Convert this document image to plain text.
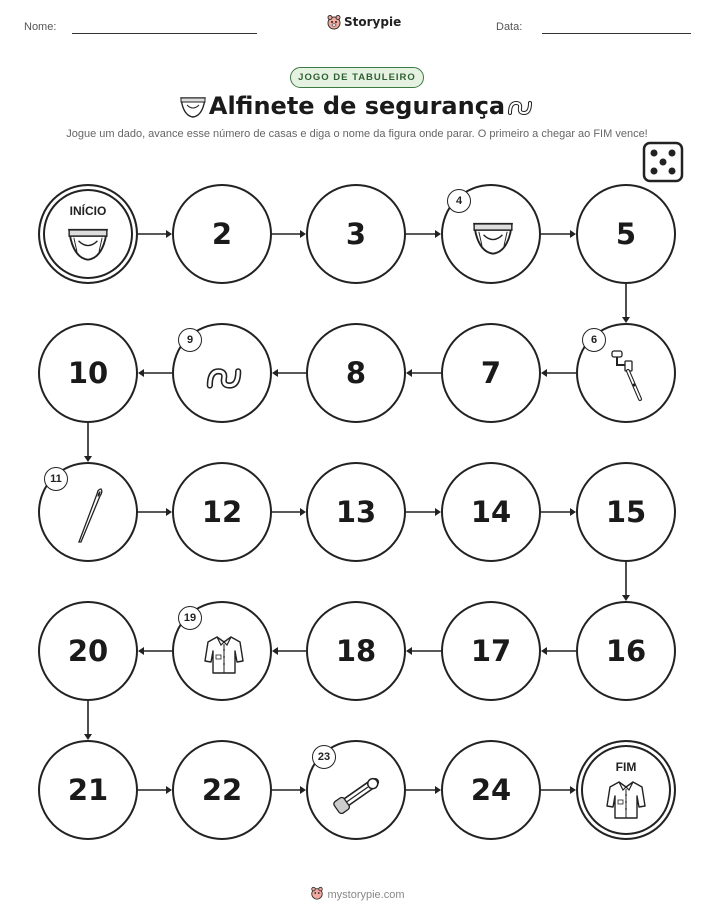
Nome:	Storypie	Data:
JOGO DE TABULEIRO
Alfinete de segurança
Jogue um dado, avance esse número de casas e diga o nome da figura onde parar. O primeiro a chegar ao FIM vence!
INÍCIO
2	3
4
5
6
7
8
9
10
11
12	13	14	15
16
17
18
19
20
21	22
23
24
FIM
mystorypie.com
